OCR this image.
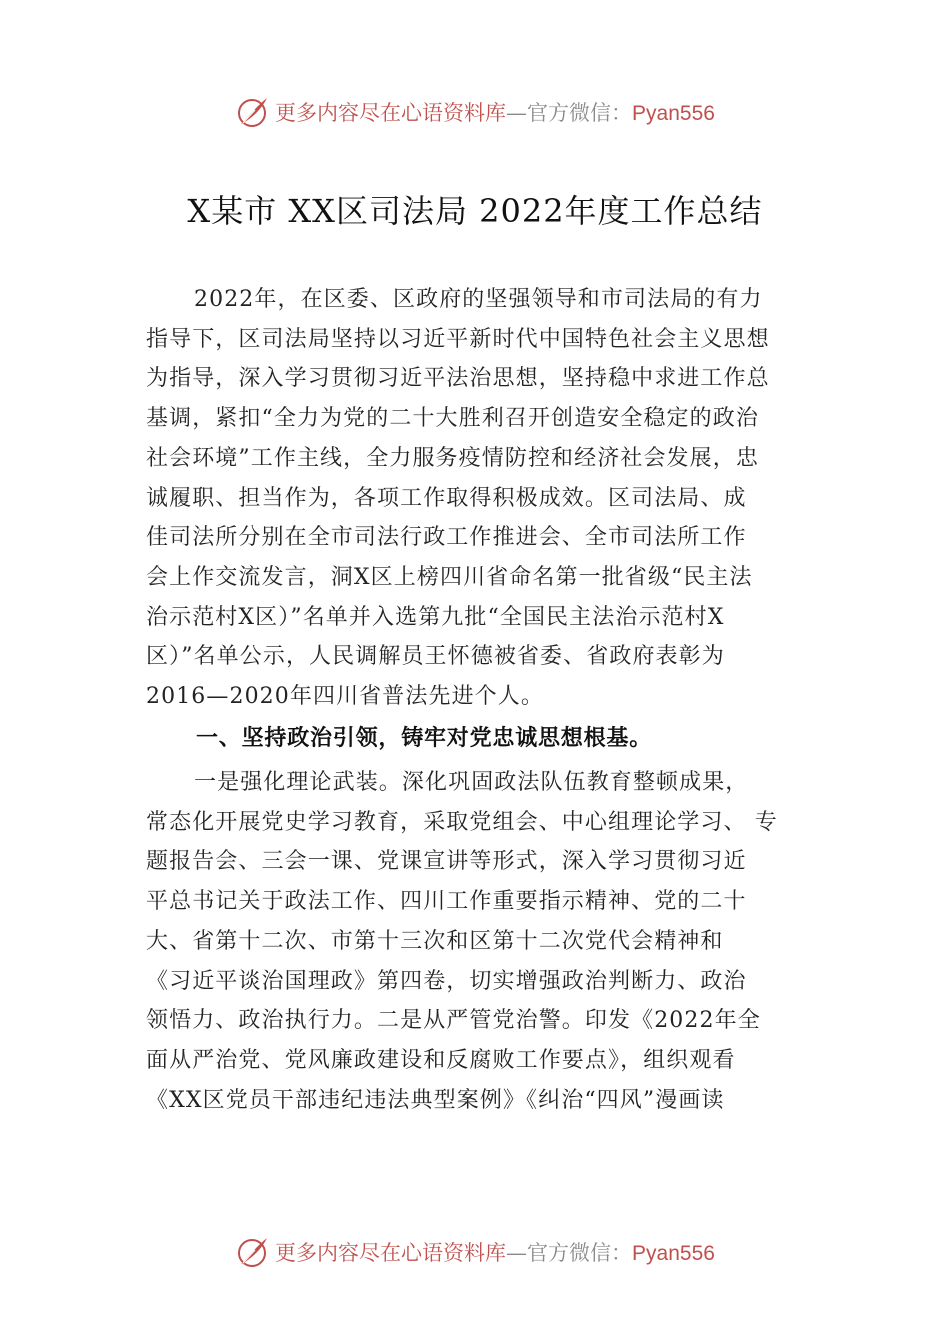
更多内容尽在心语资料库 — 官方微信： Pyan556
X某市 XX区司法局 2022年度工作总结
2022年，在区委、区政府的坚强领导和市司法局的有力
指导下，区司法局坚持以习近平新时代中国特色社会主义思想
为指导，深入学习贯彻习近平法治思想，坚持稳中求进工作总
基调，紧扣“全力为党的二十大胜利召开创造安全稳定的政治
社会环境”工作主线，全力服务疫情防控和经济社会发展，忠
诚履职、担当作为，各项工作取得积极成效。区司法局、成
佳司法所分别在全市司法行政工作推进会、全市司法所工作
会上作交流发言，洞X区上榜四川省命名第一批省级“民主法
治示范村X区）”名单并入选第九批“全国民主法治示范村X
区）”名单公示，人民调解员王怀德被省委、省政府表彰为
2016—2020年四川省普法先进个人。
一、坚持政治引领，铸牢对党忠诚思想根基。
一是强化理论武装。深化巩固政法队伍教育整顿成果，
常态化开展党史学习教育，采取党组会、中心组理论学习、 专
题报告会、三会一课、党课宣讲等形式，深入学习贯彻习近
平总书记关于政法工作、四川工作重要指示精神、党的二十
大、省第十二次、市第十三次和区第十二次党代会精神和
《习近平谈治国理政》第四卷，切实增强政治判断力、政治
领悟力、政治执行力。二是从严管党治警。印发《2022年全
面从严治党、党风廉政建设和反腐败工作要点》，组织观看
《XX区党员干部违纪违法典型案例》《纠治“四风”漫画读
更多内容尽在心语资料库 — 官方微信： Pyan556
